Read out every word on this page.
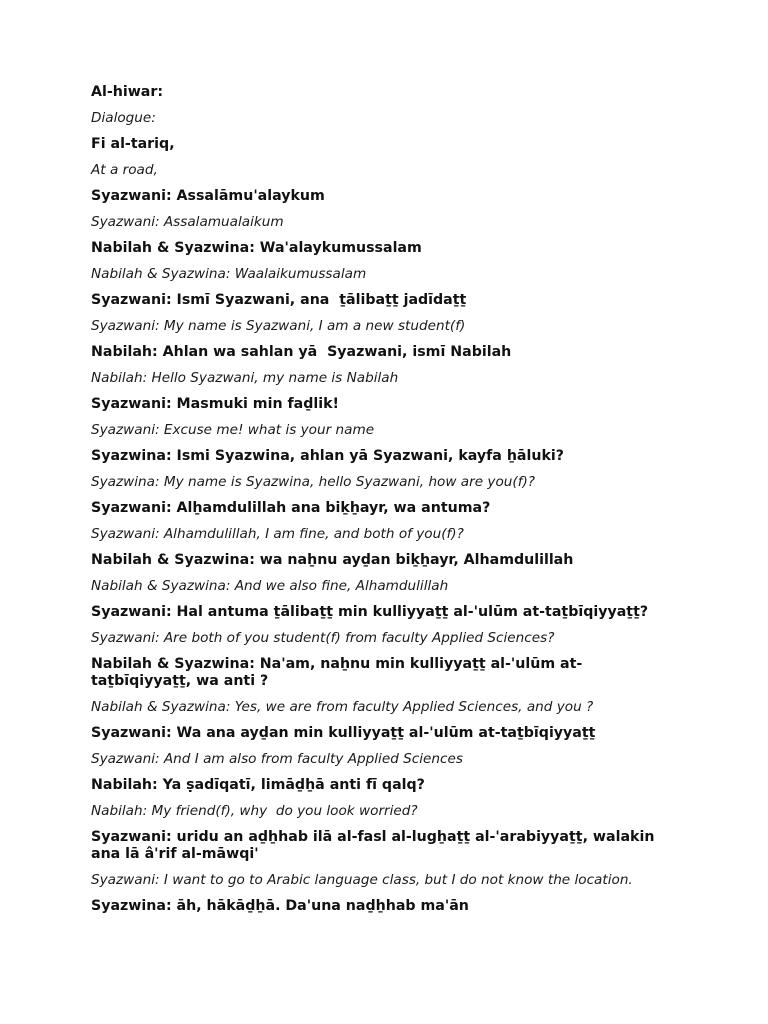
Al-hiwar:

Dialogue:

Fi al-tariq,

At a road,

Syazwani: Assalāmu'alaykum

Syazwani: Assalamualaikum

Nabilah & Syazwina: Wa'alaykumussalam

Nabilah & Syazwina: Waalaikumussalam

Syazwani: Ismī Syazwani, ana  ṯālibaṯṯ jadīdaṯṯ

Syazwani: My name is Syazwani, I am a new student(f)

Nabilah: Ahlan wa sahlan yā  Syazwani, ismī Nabilah

Nabilah: Hello Syazwani, my name is Nabilah

Syazwani: Masmuki min faḏlik!

Syazwani: Excuse me! what is your name

Syazwina: Ismi Syazwina, ahlan yā Syazwani, kayfa ẖāluki?

Syazwina: My name is Syazwina, hello Syazwani, how are you(f)?

Syazwani: Alẖamdulillah ana biḵẖayr, wa antuma?

Syazwani: Alhamdulillah, I am fine, and both of you(f)?

Nabilah & Syazwina: wa naẖnu ayḏan biḵẖayr, Alhamdulillah

Nabilah & Syazwina: And we also fine, Alhamdulillah

Syazwani: Hal antuma ṯālibaṯṯ min kulliyyaṯṯ al-'ulūm at-taṯbīqiyyaṯṯ?

Syazwani: Are both of you student(f) from faculty Applied Sciences?

Nabilah & Syazwina: Na'am, naẖnu min kulliyyaṯṯ al-'ulūm at-
taṯbīqiyyaṯṯ, wa anti ?

Nabilah & Syazwina: Yes, we are from faculty Applied Sciences, and you ?

Syazwani: Wa ana ayḏan min kulliyyaṯṯ al-'ulūm at-taṯbīqiyyaṯṯ

Syazwani: And I am also from faculty Applied Sciences

Nabilah: Ya ṣadīqatī, limāḏẖā anti fī qalq?

Nabilah: My friend(f), why  do you look worried?

Syazwani: uridu an aḏẖhab ilā al-fasl al-lugẖaṯṯ al-'arabiyyaṯṯ, walakin
ana lā â'rif al-māwqi'

Syazwani: I want to go to Arabic language class, but I do not know the location.

Syazwina: āh, hākāḏẖā. Da'una naḏẖhab ma'ān
